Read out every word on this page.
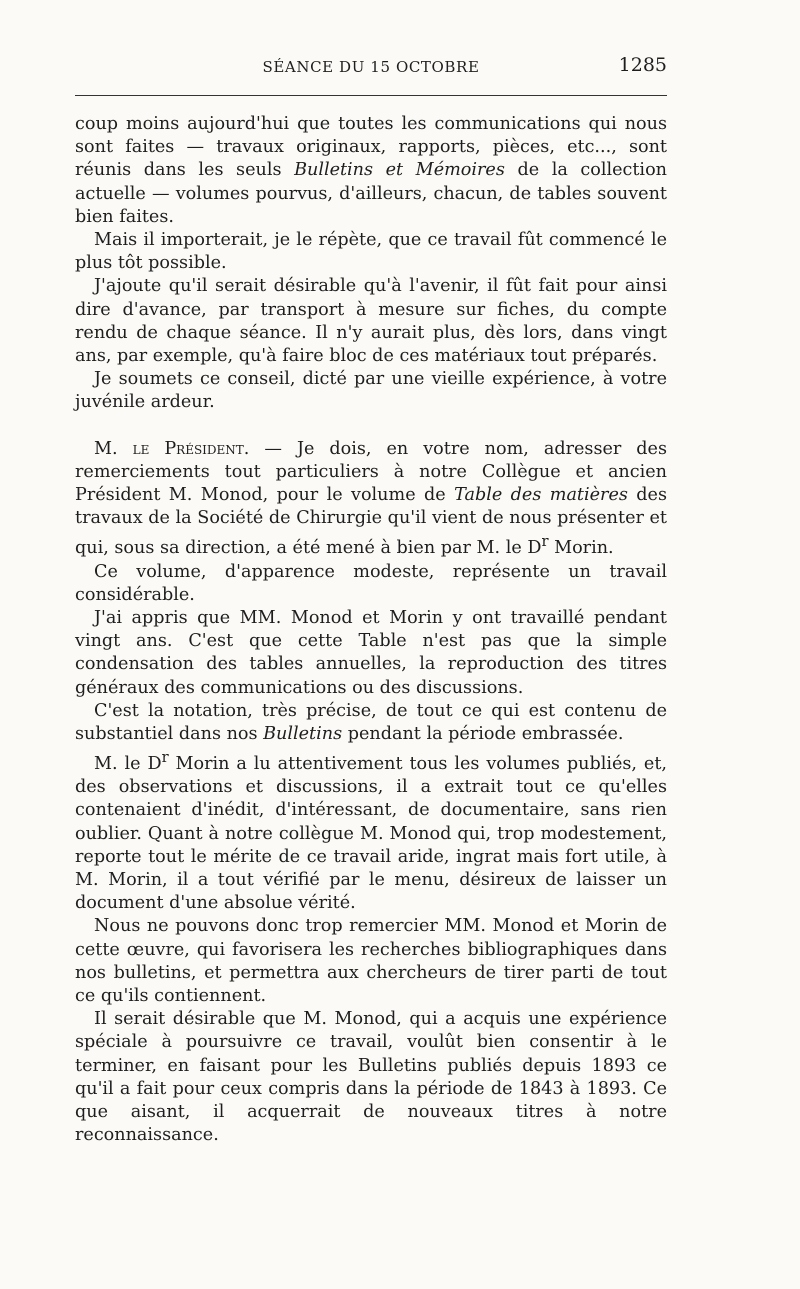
SÉANCE DU 15 OCTOBRE	1285

coup moins aujourd'hui que toutes les communications qui nous sont faites — travaux originaux, rapports, pièces, etc..., sont réunis dans les seuls Bulletins et Mémoires de la collection actuelle — volumes pourvus, d'ailleurs, chacun, de tables souvent bien faites.

Mais il importerait, je le répète, que ce travail fût commencé le plus tôt possible.

J'ajoute qu'il serait désirable qu'à l'avenir, il fût fait pour ainsi dire d'avance, par transport à mesure sur fiches, du compte rendu de chaque séance. Il n'y aurait plus, dès lors, dans vingt ans, par exemple, qu'à faire bloc de ces matériaux tout préparés.

Je soumets ce conseil, dicté par une vieille expérience, à votre juvénile ardeur.

M. le Président. — Je dois, en votre nom, adresser des remerciements tout particuliers à notre Collègue et ancien Président M. Monod, pour le volume de Table des matières des travaux de la Société de Chirurgie qu'il vient de nous présenter et qui, sous sa direction, a été mené à bien par M. le $D^r$ Morin.

Ce volume, d'apparence modeste, représente un travail considérable.

J'ai appris que MM. Monod et Morin y ont travaillé pendant vingt ans. C'est que cette Table n'est pas que la simple condensation des tables annuelles, la reproduction des titres généraux des communications ou des discussions.

C'est la notation, très précise, de tout ce qui est contenu de substantiel dans nos Bulletins pendant la période embrassée.

M. le $D^r$ Morin a lu attentivement tous les volumes publiés, et, des observations et discussions, il a extrait tout ce qu'elles contenaient d'inédit, d'intéressant, de documentaire, sans rien oublier. Quant à notre collègue M. Monod qui, trop modestement, reporte tout le mérite de ce travail aride, ingrat mais fort utile, à M. Morin, il a tout vérifié par le menu, désireux de laisser un document d'une absolue vérité.

Nous ne pouvons donc trop remercier MM. Monod et Morin de cette œuvre, qui favorisera les recherches bibliographiques dans nos bulletins, et permettra aux chercheurs de tirer parti de tout ce qu'ils contiennent.

Il serait désirable que M. Monod, qui a acquis une expérience spéciale à poursuivre ce travail, voulût bien consentir à le terminer, en faisant pour les Bulletins publiés depuis 1893 ce qu'il a fait pour ceux compris dans la période de 1843 à 1893. Ce que aisant, il acquerrait de nouveaux titres à notre reconnaissance.
